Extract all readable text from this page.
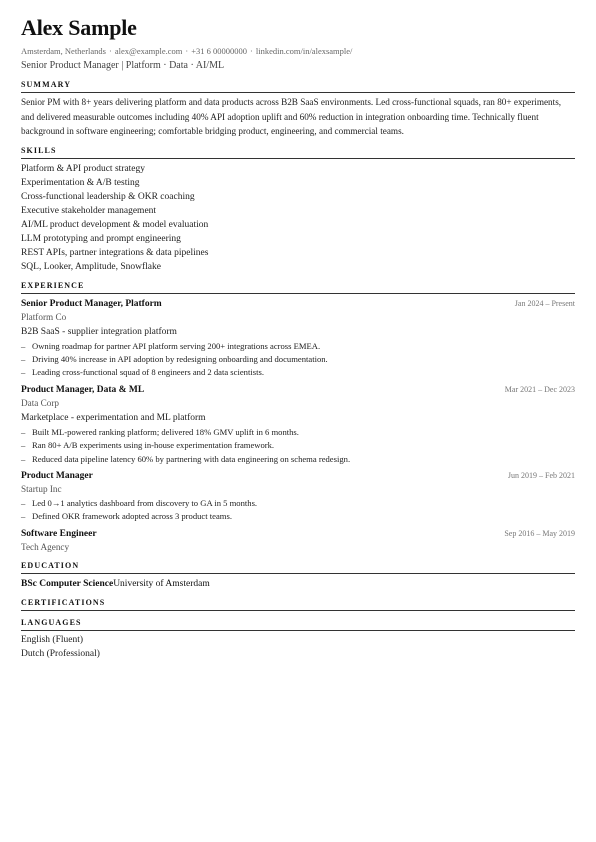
Alex Sample
Amsterdam, Netherlands · alex@example.com · +31 6 00000000 · linkedin.com/in/alexsample/
Senior Product Manager | Platform · Data · AI/ML
SUMMARY
Senior PM with 8+ years delivering platform and data products across B2B SaaS environments. Led cross-functional squads, ran 80+ experiments, and delivered measurable outcomes including 40% API adoption uplift and 60% reduction in integration onboarding time. Technically fluent background in software engineering; comfortable bridging product, engineering, and commercial teams.
SKILLS
Platform & API product strategy
Experimentation & A/B testing
Cross-functional leadership & OKR coaching
Executive stakeholder management
AI/ML product development & model evaluation
LLM prototyping and prompt engineering
REST APIs, partner integrations & data pipelines
SQL, Looker, Amplitude, Snowflake
EXPERIENCE
Senior Product Manager, Platform	Jan 2024 – Present
Platform Co
B2B SaaS - supplier integration platform
– Owning roadmap for partner API platform serving 200+ integrations across EMEA.
– Driving 40% increase in API adoption by redesigning onboarding and documentation.
– Leading cross-functional squad of 8 engineers and 2 data scientists.
Product Manager, Data & ML	Mar 2021 – Dec 2023
Data Corp
Marketplace - experimentation and ML platform
– Built ML-powered ranking platform; delivered 18% GMV uplift in 6 months.
– Ran 80+ A/B experiments using in-house experimentation framework.
– Reduced data pipeline latency 60% by partnering with data engineering on schema redesign.
Product Manager	Jun 2019 – Feb 2021
Startup Inc
– Led 0→1 analytics dashboard from discovery to GA in 5 months.
– Defined OKR framework adopted across 3 product teams.
Software Engineer	Sep 2016 – May 2019
Tech Agency
EDUCATION
BSc Computer ScienceUniversity of Amsterdam
CERTIFICATIONS
LANGUAGES
English (Fluent)
Dutch (Professional)
